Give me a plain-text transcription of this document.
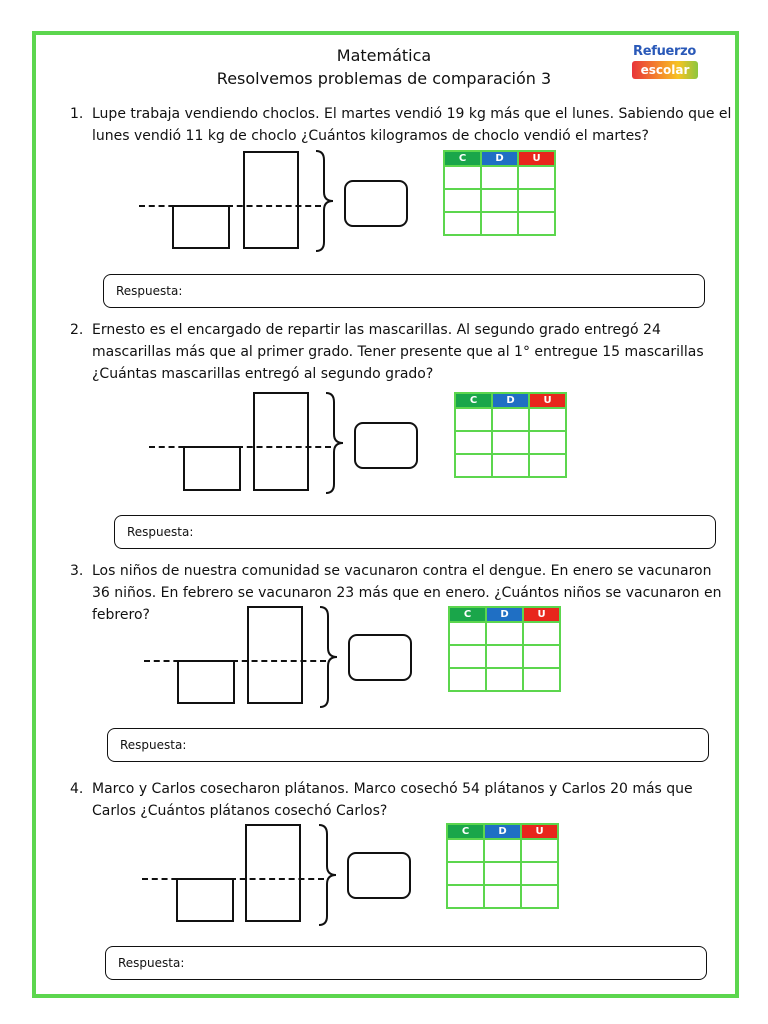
Matemática
Resolvemos problemas de comparación 3
Refuerzo
escolar
1. Lupe trabaja vendiendo choclos. El martes vendió 19 kg más que el lunes. Sabiendo que el lunes vendió 11 kg de choclo ¿Cuántos kilogramos de choclo vendió el martes?
C	D	U

Respuesta:
2. Ernesto es el encargado de repartir las mascarillas. Al segundo grado entregó 24 mascarillas más que al primer grado. Tener presente que al 1° entregue 15 mascarillas ¿Cuántas mascarillas entregó al segundo grado?
C	D	U

Respuesta:
3. Los niños de nuestra comunidad se vacunaron contra el dengue. En enero se vacunaron 36 niños. En febrero se vacunaron 23 más que en enero. ¿Cuántos niños se vacunaron en febrero?	C	D	U

Respuesta:
4. Marco y Carlos cosecharon plátanos. Marco cosechó 54 plátanos y Carlos 20 más que Carlos ¿Cuántos plátanos cosechó Carlos?
C	D	U

Respuesta:
